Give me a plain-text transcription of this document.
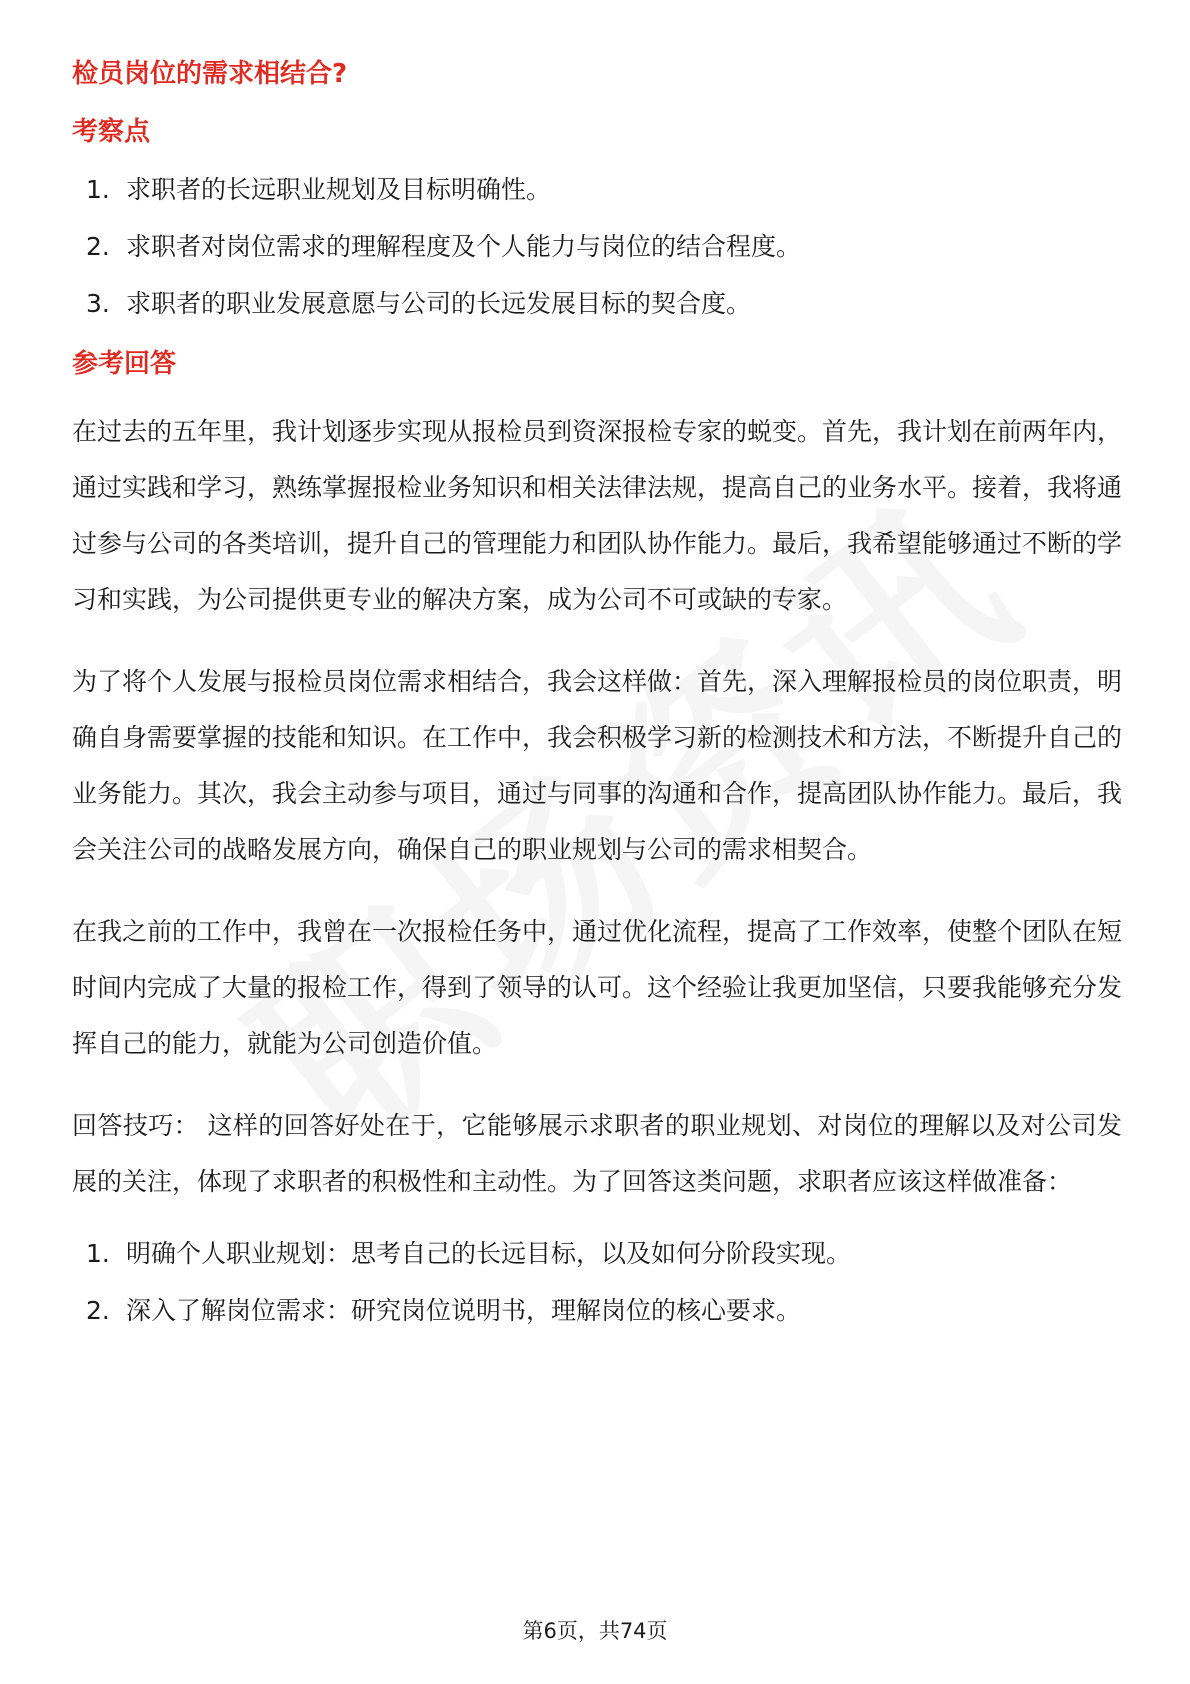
检员岗位的需求相结合?
考察点
1. 求职者的长远职业规划及目标明确性。
2. 求职者对岗位需求的理解程度及个人能力与岗位的结合程度。
3. 求职者的职业发展意愿与公司的长远发展目标的契合度。
参考回答

在过去的五年里，我计划逐步实现从报检员到资深报检专家的蜕变。首先，我计划在前两年内，通过实践和学习，熟练掌握报检业务知识和相关法律法规，提高自己的业务水平。接着，我将通过参与公司的各类培训，提升自己的管理能力和团队协作能力。最后，我希望能够通过不断的学习和实践，为公司提供更专业的解决方案，成为公司不可或缺的专家。

为了将个人发展与报检员岗位需求相结合，我会这样做：首先，深入理解报检员的岗位职责，明确自身需要掌握的技能和知识。在工作中，我会积极学习新的检测技术和方法，不断提升自己的业务能力。其次，我会主动参与项目，通过与同事的沟通和合作，提高团队协作能力。最后，我会关注公司的战略发展方向，确保自己的职业规划与公司的需求相契合。

在我之前的工作中，我曾在一次报检任务中，通过优化流程，提高了工作效率，使整个团队在短时间内完成了大量的报检工作，得到了领导的认可。这个经验让我更加坚信，只要我能够充分发挥自己的能力，就能为公司创造价值。

回答技巧： 这样的回答好处在于，它能够展示求职者的职业规划、对岗位的理解以及对公司发展的关注，体现了求职者的积极性和主动性。为了回答这类问题，求职者应该这样做准备：

1. 明确个人职业规划：思考自己的长远目标，以及如何分阶段实现。
2. 深入了解岗位需求：研究岗位说明书，理解岗位的核心要求。
第6页，共74页
